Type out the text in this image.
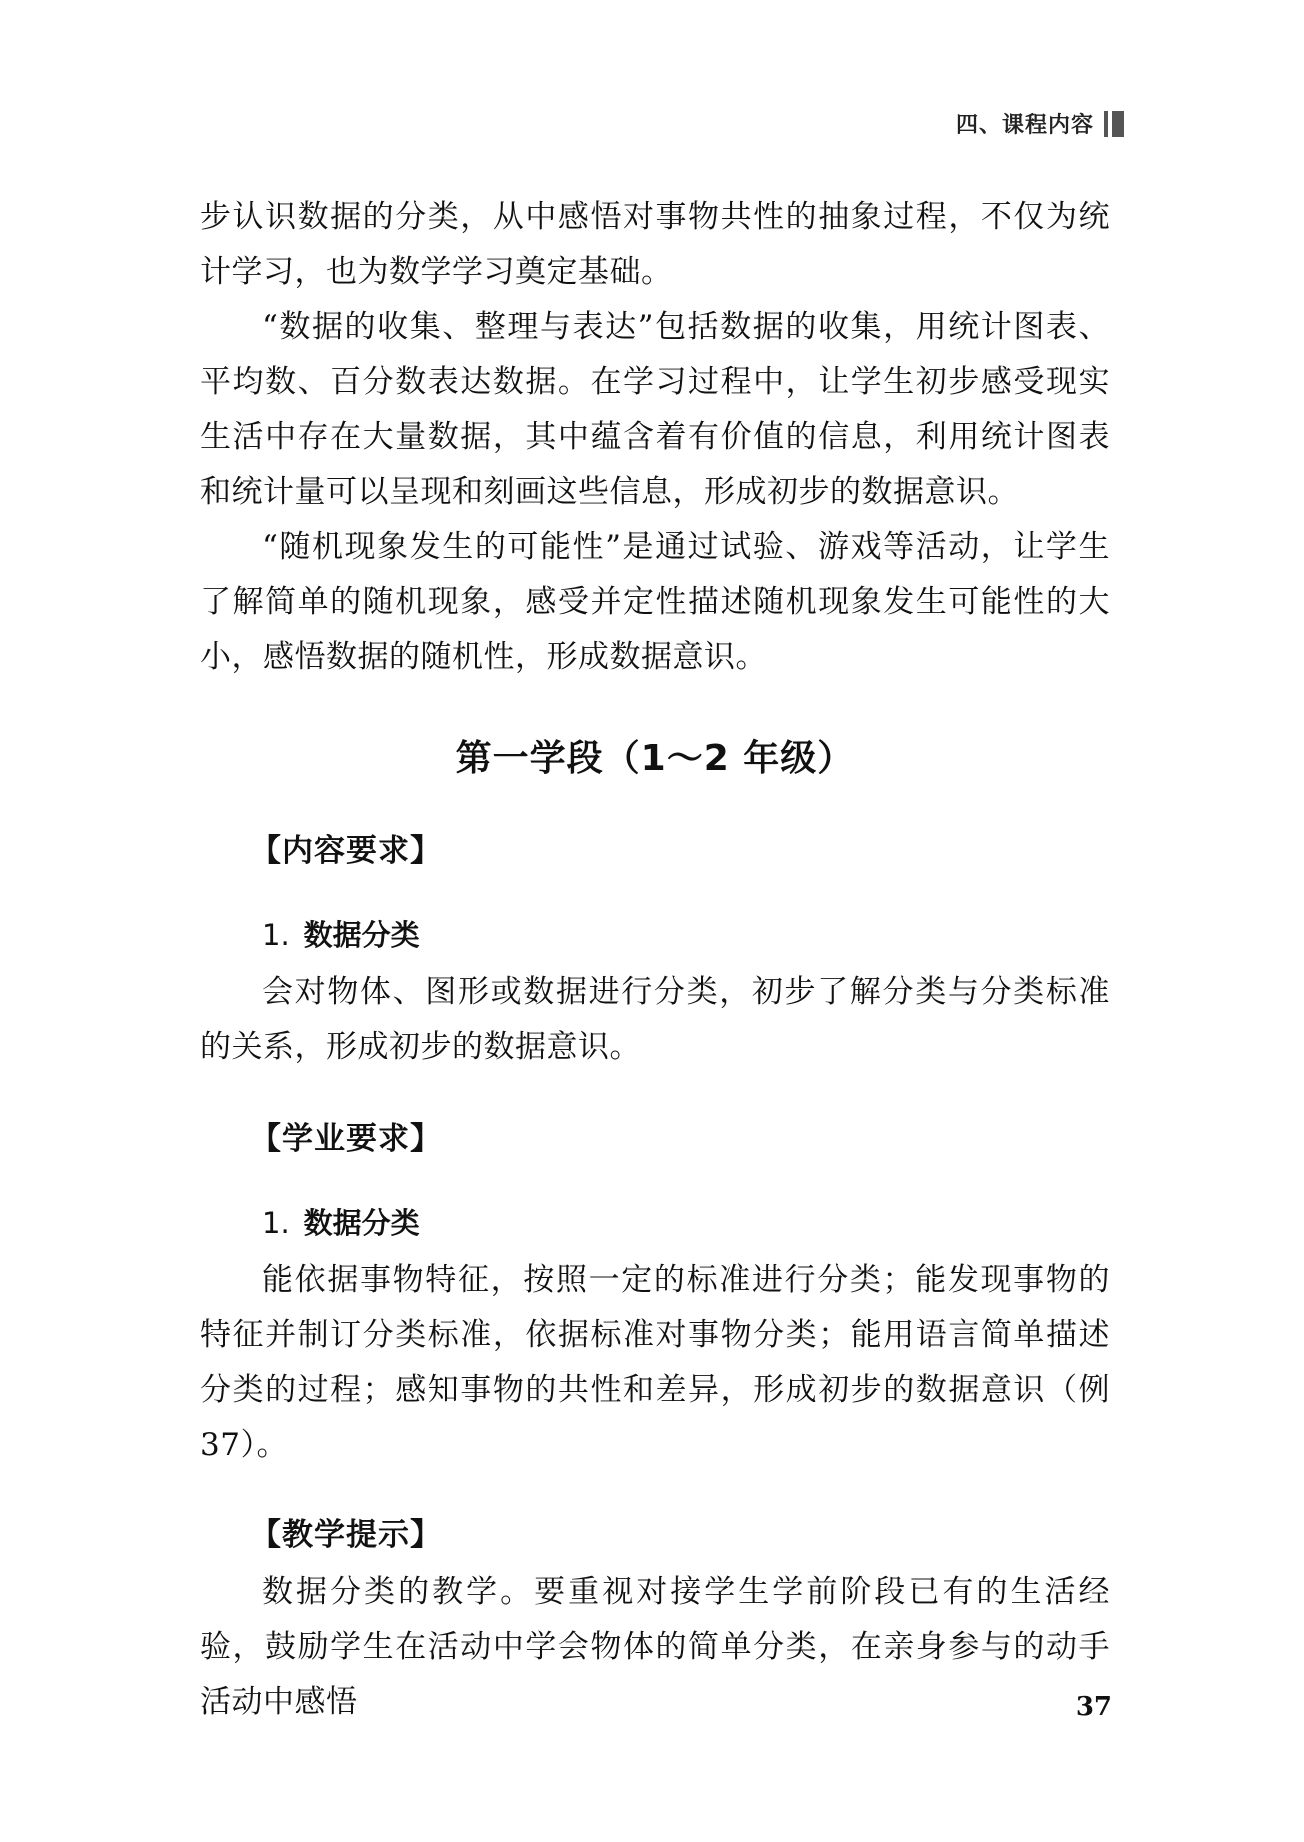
四、课程内容

步认识数据的分类，从中感悟对事物共性的抽象过程，不仅为统计学习，也为数学学习奠定基础。

“数据的收集、整理与表达”包括数据的收集，用统计图表、平均数、百分数表达数据。在学习过程中，让学生初步感受现实生活中存在大量数据，其中蕴含着有价值的信息，利用统计图表和统计量可以呈现和刻画这些信息，形成初步的数据意识。

“随机现象发生的可能性”是通过试验、游戏等活动，让学生了解简单的随机现象，感受并定性描述随机现象发生可能性的大小，感悟数据的随机性，形成数据意识。

第一学段（1～2 年级）
【内容要求】
1. 数据分类

会对物体、图形或数据进行分类，初步了解分类与分类标准的关系，形成初步的数据意识。

【学业要求】
1. 数据分类

能依据事物特征，按照一定的标准进行分类；能发现事物的特征并制订分类标准，依据标准对事物分类；能用语言简单描述分类的过程；感知事物的共性和差异，形成初步的数据意识（例 37）。

【教学提示】

数据分类的教学。要重视对接学生学前阶段已有的生活经验，鼓励学生在活动中学会物体的简单分类，在亲身参与的动手活动中感悟	37
